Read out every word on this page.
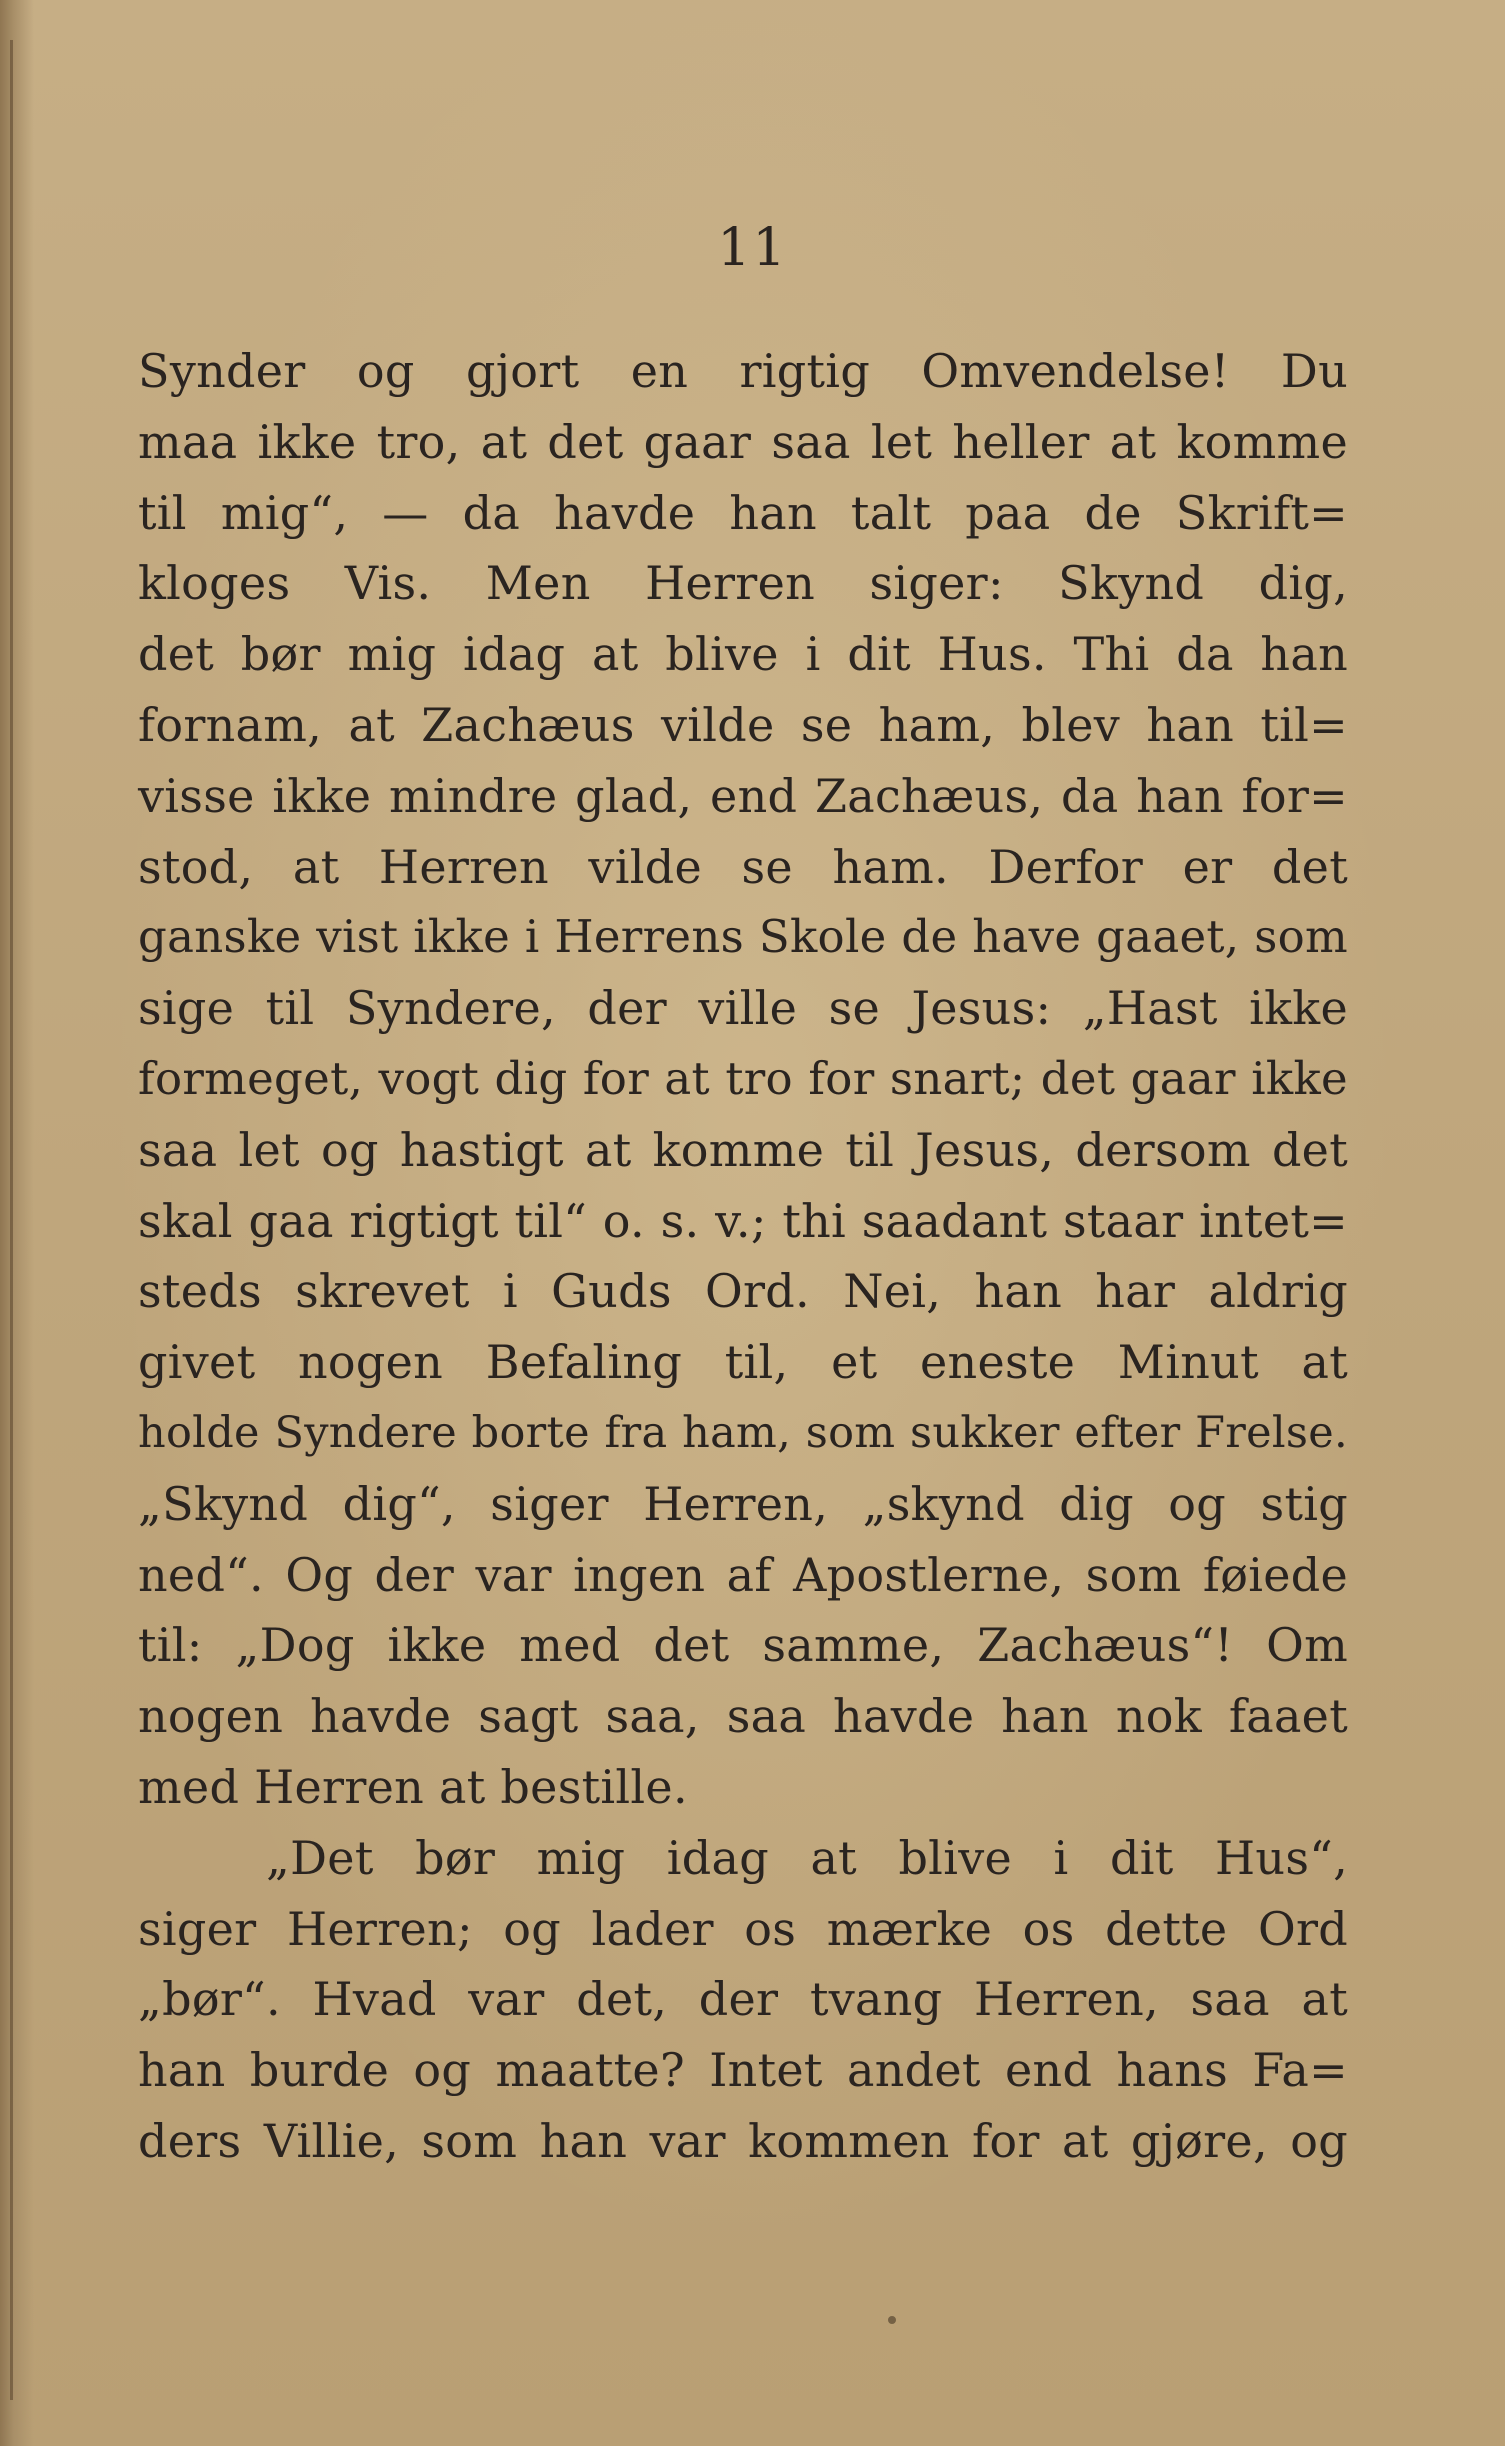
11
Synder og gjort en rigtig Omvendelse! Du
maa ikke tro, at det gaar saa let heller at komme
til mig“, — da havde han talt paa de Skrift=
kloges Vis. Men Herren siger: Skynd dig,
det bør mig idag at blive i dit Hus. Thi da han
fornam, at Zachæus vilde se ham, blev han til=
visse ikke mindre glad, end Zachæus, da han for=
stod, at Herren vilde se ham. Derfor er det
ganske vist ikke i Herrens Skole de have gaaet, som
sige til Syndere, der ville se Jesus: „Hast ikke
formeget, vogt dig for at tro for snart; det gaar ikke
saa let og hastigt at komme til Jesus, dersom det
skal gaa rigtigt til“ o. s. v.; thi saadant staar intet=
steds skrevet i Guds Ord. Nei, han har aldrig
givet nogen Befaling til, et eneste Minut at
holde Syndere borte fra ham, som sukker efter Frelse.
„Skynd dig“, siger Herren, „skynd dig og stig
ned“. Og der var ingen af Apostlerne, som føiede
til: „Dog ikke med det samme, Zachæus“! Om
nogen havde sagt saa, saa havde han nok faaet
med Herren at bestille.
„Det bør mig idag at blive i dit Hus“,
siger Herren; og lader os mærke os dette Ord
„bør“. Hvad var det, der tvang Herren, saa at
han burde og maatte? Intet andet end hans Fa=
ders Villie, som han var kommen for at gjøre, og
